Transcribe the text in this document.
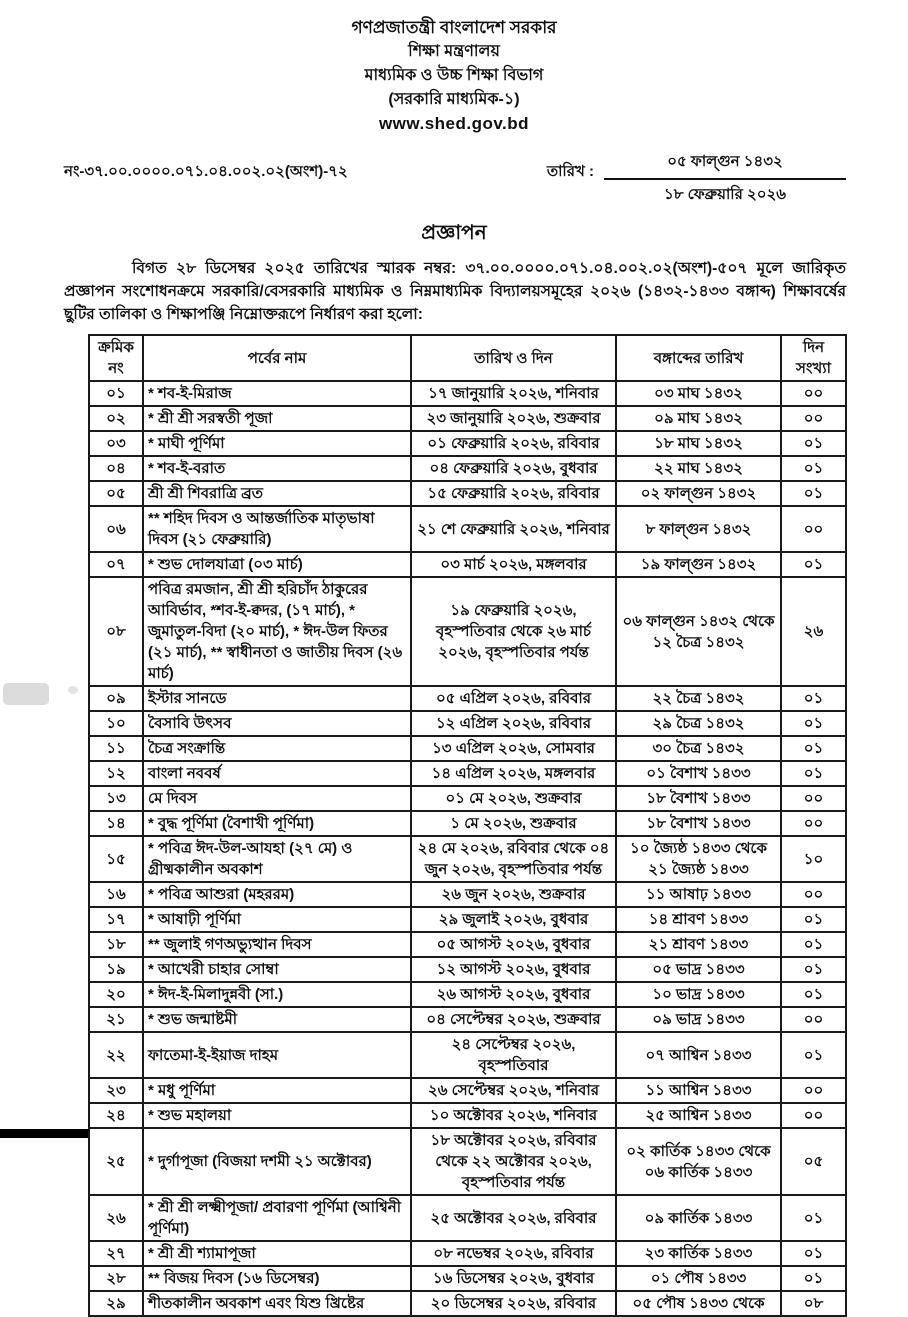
গণপ্রজাতন্ত্রী বাংলাদেশ সরকার
শিক্ষা মন্ত্রণালয়
মাধ্যমিক ও উচ্চ শিক্ষা বিভাগ
(সরকারি মাধ্যমিক-১)
www.shed.gov.bd
নং-৩৭.০০.০০০০.০৭১.০৪.০০২.০২(অংশ)-৭২	তারিখ :
০৫ ফাল্গুন ১৪৩২
১৮ ফেব্রুয়ারি ২০২৬
প্রজ্ঞাপন

বিগত ২৮ ডিসেম্বর ২০২৫ তারিখের স্মারক নম্বর: ৩৭.০০.০০০০.০৭১.০৪.০০২.০২(অংশ)-৫০৭ মূলে জারিকৃত প্রজ্ঞাপন সংশোধনক্রমে সরকারি/বেসরকারি মাধ্যমিক ও নিম্নমাধ্যমিক বিদ্যালয়সমূহের ২০২৬ (১৪৩২-১৪৩৩ বঙ্গাব্দ) শিক্ষাবর্ষের ছুটির তালিকা ও শিক্ষাপঞ্জি নিম্নোক্তরূপে নির্ধারণ করা হলো:

ক্রমিক নং	পর্বের নাম	তারিখ ও দিন	বঙ্গাব্দের তারিখ	দিন সংখ্যা
০১	* শব-ই-মিরাজ	১৭ জানুয়ারি ২০২৬, শনিবার	০৩ মাঘ ১৪৩২	০০
০২	* শ্রী শ্রী সরস্বতী পূজা	২৩ জানুয়ারি ২০২৬, শুক্রবার	০৯ মাঘ ১৪৩২	০০
০৩	* মাঘী পূর্ণিমা	০১ ফেব্রুয়ারি ২০২৬, রবিবার	১৮ মাঘ ১৪৩২	০১
০৪	* শব-ই-বরাত	০৪ ফেব্রুয়ারি ২০২৬, বুধবার	২২ মাঘ ১৪৩২	০১
০৫	শ্রী শ্রী শিবরাত্রি ব্রত	১৫ ফেব্রুয়ারি ২০২৬, রবিবার	০২ ফাল্গুন ১৪৩২	০১
০৬	** শহিদ দিবস ও আন্তর্জাতিক মাতৃভাষা দিবস (২১ ফেব্রুয়ারি)	২১ শে ফেব্রুয়ারি ২০২৬, শনিবার	৮ ফাল্গুন ১৪৩২	০০
০৭	* শুভ দোলযাত্রা (০৩ মার্চ)	০৩ মার্চ ২০২৬, মঙ্গলবার	১৯ ফাল্গুন ১৪৩২	০১
০৮	পবিত্র রমজান, শ্রী শ্রী হরিচাঁদ ঠাকুরের আবির্ভাব, *শব-ই-ক্বদর, (১৭ মার্চ), * জুমাতুল-বিদা (২০ মার্চ), * ঈদ-উল ফিতর (২১ মার্চ), ** স্বাধীনতা ও জাতীয় দিবস (২৬ মার্চ)	১৯ ফেব্রুয়ারি ২০২৬, বৃহস্পতিবার থেকে ২৬ মার্চ ২০২৬, বৃহস্পতিবার পর্যন্ত	০৬ ফাল্গুন ১৪৩২ থেকে ১২ চৈত্র ১৪৩২	২৬
০৯	ইস্টার সানডে	০৫ এপ্রিল ২০২৬, রবিবার	২২ চৈত্র ১৪৩২	০১
১০	বৈসাবি উৎসব	১২ এপ্রিল ২০২৬, রবিবার	২৯ চৈত্র ১৪৩২	০১
১১	চৈত্র সংক্রান্তি	১৩ এপ্রিল ২০২৬, সোমবার	৩০ চৈত্র ১৪৩২	০১
১২	বাংলা নববর্ষ	১৪ এপ্রিল ২০২৬, মঙ্গলবার	০১ বৈশাখ ১৪৩৩	০১
১৩	মে দিবস	০১ মে ২০২৬, শুক্রবার	১৮ বৈশাখ ১৪৩৩	০০
১৪	* বুদ্ধ পূর্ণিমা (বৈশাখী পূর্ণিমা)	১ মে ২০২৬, শুক্রবার	১৮ বৈশাখ ১৪৩৩	০০
১৫	* পবিত্র ঈদ-উল-আযহা (২৭ মে) ও গ্রীষ্মকালীন অবকাশ	২৪ মে ২০২৬, রবিবার থেকে ০৪ জুন ২০২৬, বৃহস্পতিবার পর্যন্ত	১০ জ্যৈষ্ঠ ১৪৩৩ থেকে ২১ জ্যৈষ্ঠ ১৪৩৩	১০
১৬	* পবিত্র আশুরা (মহররম)	২৬ জুন ২০২৬, শুক্রবার	১১ আষাঢ় ১৪৩৩	০০
১৭	* আষাঢ়ী পূর্ণিমা	২৯ জুলাই ২০২৬, বুধবার	১৪ শ্রাবণ ১৪৩৩	০১
১৮	** জুলাই গণঅভ্যুত্থান দিবস	০৫ আগস্ট ২০২৬, বুধবার	২১ শ্রাবণ ১৪৩৩	০১
১৯	* আখেরী চাহার সোম্বা	১২ আগস্ট ২০২৬, বুধবার	০৫ ভাদ্র ১৪৩৩	০১
২০	* ঈদ-ই-মিলাদুন্নবী (সা.)	২৬ আগস্ট ২০২৬, বুধবার	১০ ভাদ্র ১৪৩৩	০১
২১	* শুভ জন্মাষ্টমী	০৪ সেপ্টেম্বর ২০২৬, শুক্রবার	০৯ ভাদ্র ১৪৩৩	০০
২২	ফাতেমা-ই-ইয়াজ দাহম	২৪ সেপ্টেম্বর ২০২৬, বৃহস্পতিবার	০৭ আশ্বিন ১৪৩৩	০১
২৩	* মধু পূর্ণিমা	২৬ সেপ্টেম্বর ২০২৬, শনিবার	১১ আশ্বিন ১৪৩৩	০০
২৪	* শুভ মহালয়া	১০ অক্টোবর ২০২৬, শনিবার	২৫ আশ্বিন ১৪৩৩	০০
২৫	* দুর্গাপূজা (বিজয়া দশমী ২১ অক্টোবর)	১৮ অক্টোবর ২০২৬, রবিবার থেকে ২২ অক্টোবর ২০২৬, বৃহস্পতিবার পর্যন্ত	০২ কার্তিক ১৪৩৩ থেকে ০৬ কার্তিক ১৪৩৩	০৫
২৬	* শ্রী শ্রী লক্ষ্মীপূজা/ প্রবারণা পূর্ণিমা (আশ্বিনী পূর্ণিমা)	২৫ অক্টোবর ২০২৬, রবিবার	০৯ কার্তিক ১৪৩৩	০১
২৭	* শ্রী শ্রী শ্যামাপূজা	০৮ নভেম্বর ২০২৬, রবিবার	২৩ কার্তিক ১৪৩৩	০১
২৮	** বিজয় দিবস (১৬ ডিসেম্বর)	১৬ ডিসেম্বর ২০২৬, বুধবার	০১ পৌষ ১৪৩৩	০১
২৯	শীতকালীন অবকাশ এবং যিশু খ্রিষ্টের	২০ ডিসেম্বর ২০২৬, রবিবার	০৫ পৌষ ১৪৩৩ থেকে	০৮
